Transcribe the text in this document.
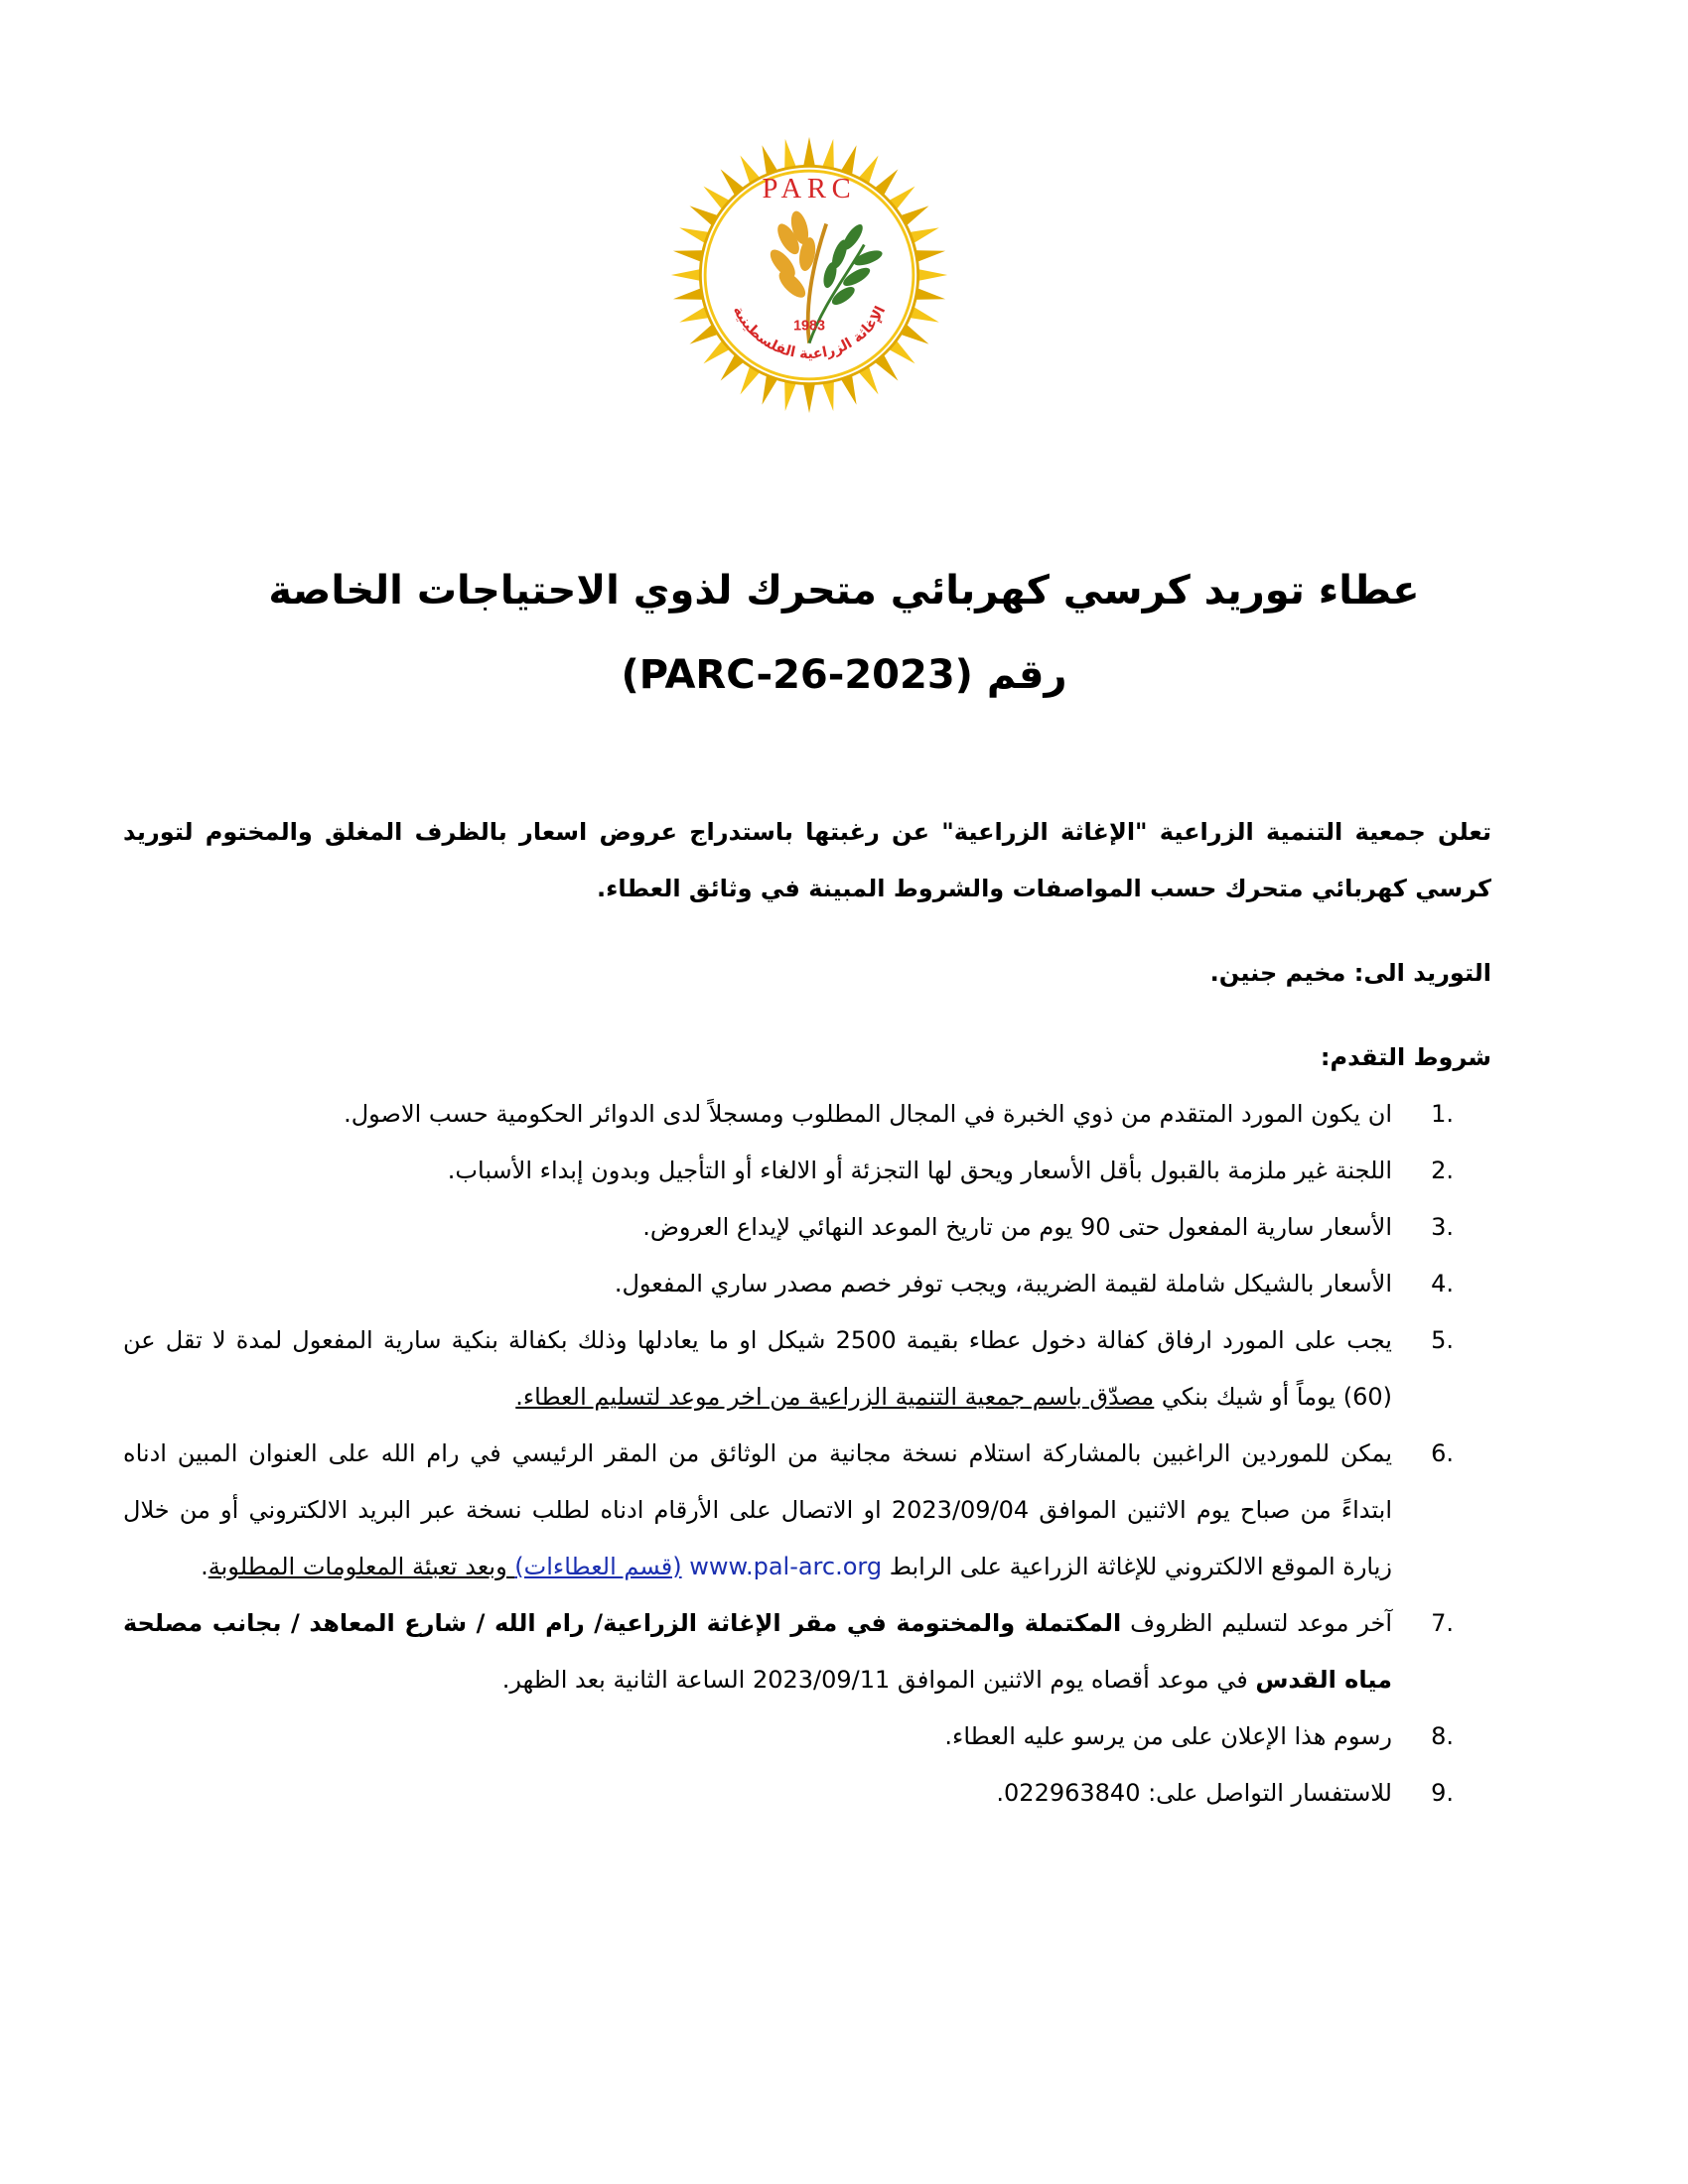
PARC
1983
الإغاثة الزراعية الفلسطينية
عطاء توريد كرسي كهربائي متحرك لذوي الاحتياجات الخاصة
رقم (PARC-26-2023)

تعلن جمعية التنمية الزراعية "الإغاثة الزراعية" عن رغبتها باستدراج عروض اسعار بالظرف المغلق والمختوم لتوريد كرسي كهربائي متحرك حسب المواصفات والشروط المبينة في وثائق العطاء.

التوريد الى: مخيم جنين.

شروط التقدم:

1.
ان يكون المورد المتقدم من ذوي الخبرة في المجال المطلوب ومسجلاً لدى الدوائر الحكومية حسب الاصول.
2.
اللجنة غير ملزمة بالقبول بأقل الأسعار ويحق لها التجزئة أو الالغاء أو التأجيل وبدون إبداء الأسباب.
3.
الأسعار سارية المفعول حتى 90 يوم من تاريخ الموعد النهائي لإيداع العروض.
4.
الأسعار بالشيكل شاملة لقيمة الضريبة، ويجب توفر خصم مصدر ساري المفعول.
5.
يجب على المورد ارفاق كفالة دخول عطاء بقيمة 2500 شيكل او ما يعادلها وذلك بكفالة بنكية سارية المفعول لمدة لا تقل عن (60) يوماً أو شيك بنكي مصدّق باسم جمعية التنمية الزراعية من اخر موعد لتسليم العطاء.
6.
يمكن للموردين الراغبين بالمشاركة استلام نسخة مجانية من الوثائق من المقر الرئيسي في رام الله على العنوان المبين ادناه ابتداءً من صباح يوم الاثنين الموافق 2023/09/04 او الاتصال على الأرقام ادناه لطلب نسخة عبر البريد الالكتروني أو من خلال زيارة الموقع الالكتروني للإغاثة الزراعية على الرابط www.pal-arc.org (قسم العطاءات) وبعد تعبئة المعلومات المطلوبة.
7.
آخر موعد لتسليم الظروف المكتملة والمختومة في مقر الإغاثة الزراعية/ رام الله / شارع المعاهد / بجانب مصلحة مياه القدس في موعد أقصاه يوم الاثنين الموافق 2023/09/11 الساعة الثانية بعد الظهر.
8.
رسوم هذا الإعلان على من يرسو عليه العطاء.
9.
للاستفسار التواصل على: 022963840.
